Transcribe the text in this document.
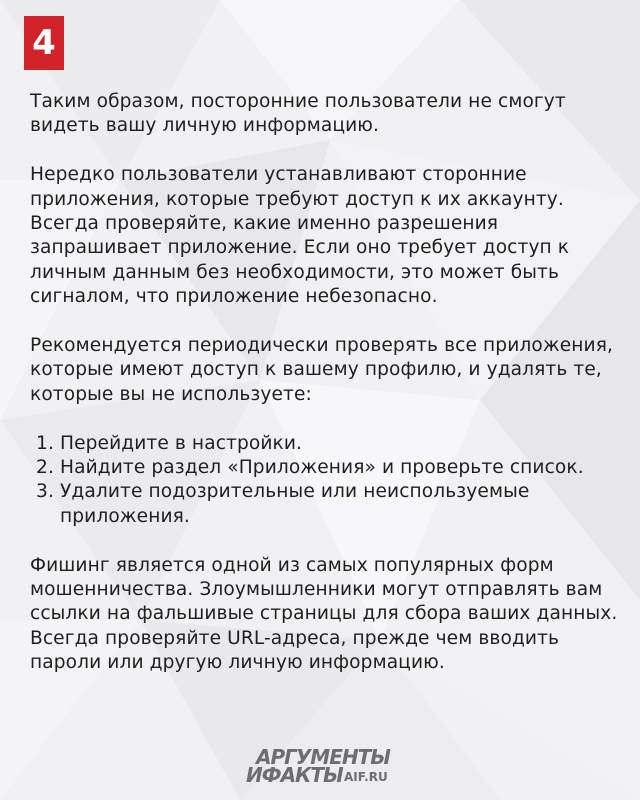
4

Таким образом, посторонние пользователи не смогут видеть вашу личную информацию.

Нередко пользователи устанавливают сторонние приложения, которые требуют доступ к их аккаунту. Всегда проверяйте, какие именно разрешения запрашивает приложение. Если оно требует доступ к личным данным без необходимости, это может быть сигналом, что приложение небезопасно.

Рекомендуется периодически проверять все приложения, которые имеют доступ к вашему профилю, и удалять те, которые вы не используете:

1. Перейдите в настройки.
2. Найдите раздел «Приложения» и проверьте список.
3. Удалите подозрительные или неиспользуемые приложения.

Фишинг является одной из самых популярных форм мошенничества. Злоумышленники могут отправлять вам ссылки на фальшивые страницы для сбора ваших данных. Всегда проверяйте URL-адреса, прежде чем вводить пароли или другую личную информацию.

АРГУМЕНТЫ
ИФАКТЫ AIF.RU
